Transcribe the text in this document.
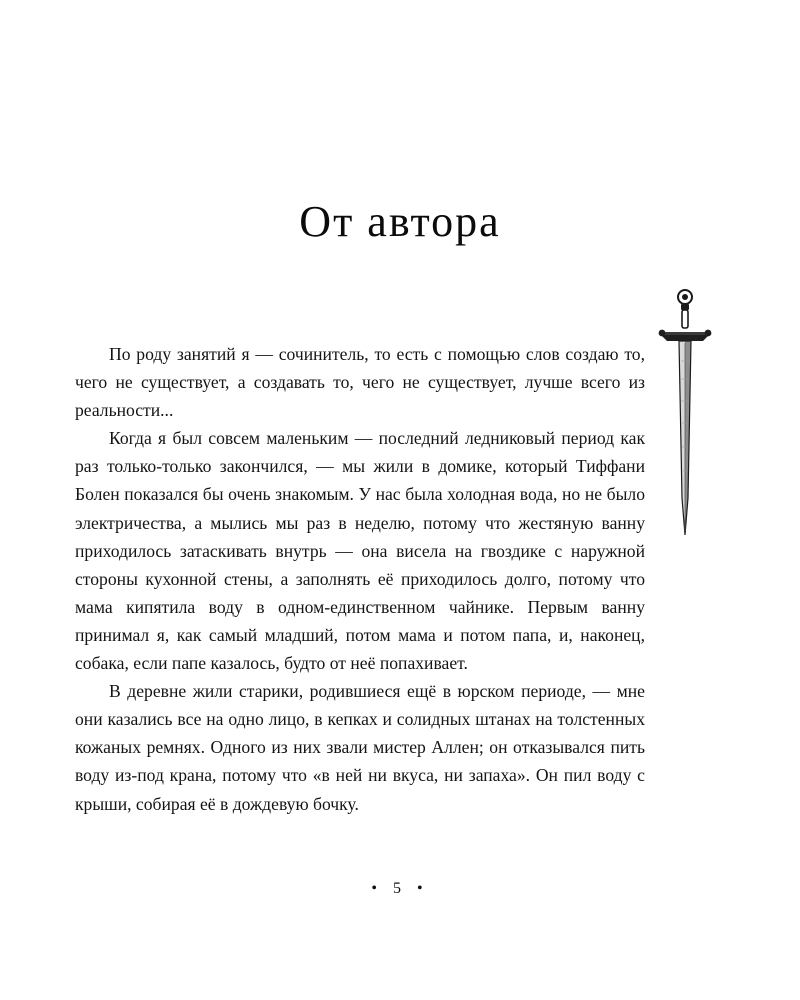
От автора

По роду занятий я — сочинитель, то есть с помощью слов создаю то, чего не существует, а создавать то, чего не существует, лучше всего из реальности...

Когда я был совсем маленьким — последний ледниковый период как раз только-только закончился, — мы жили в домике, который Тиффани Болен показался бы очень знакомым. У нас была холодная вода, но не было электричества, а мылись мы раз в неделю, потому что жестяную ванну приходилось затаскивать внутрь — она висела на гвоздике с наружной стороны кухонной стены, а заполнять её приходилось долго, потому что мама кипятила воду в одном-единственном чайнике. Первым ванну принимал я, как самый младший, потом мама и потом папа, и, наконец, собака, если папе казалось, будто от неё попахивает.

В деревне жили старики, родившиеся ещё в юрском периоде, — мне они казались все на одно лицо, в кепках и солидных штанах на толстенных кожаных ремнях. Одного из них звали мистер Аллен; он отказывался пить воду из-под крана, потому что «в ней ни вкуса, ни запаха». Он пил воду с крыши, собирая её в дождевую бочку.

• 5 •
